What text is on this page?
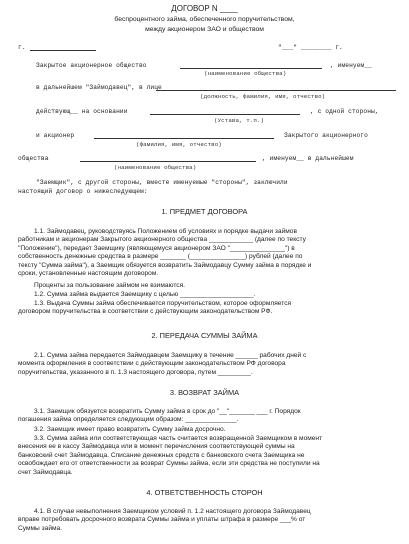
ДОГОВОР N ____
беспроцентного займа, обеспеченного поручительством,
между акционером ЗАО и обществом
г.	"___" ________ г.
Закрытое акционерное общество	, именуем__
(наименование общества)
в дальнейшем "Займодавец", в лице
(должность, фамилия, имя, отчество)
действующ__ на основании	, с одной стороны,
(Устава, т.п.)
и акционер	Закрытого акционерного
(фамилия, имя, отчество)
общества	, именуем__ в дальнейшем
(наименование общества)
"Заемщик", с другой стороны, вместе именуемые "стороны", заключили
настоящий договор о нижеследующем:
1. ПРЕДМЕТ ДОГОВОРА
1.1. Займодавец, руководствуясь Положением об условиях и порядке выдачи займов
работникам и акционерам Закрытого акционерного общества ____________ (далее по тексту
"Положение"), передает Заемщику (являющемуся акционером ЗАО "_______________") в
собственность денежные средства в размере _______ (_______________) рублей (далее по
тексту "Сумма займа"), а Заемщик обязуется возвратить Займодавцу Сумму займа в порядке и
сроки, установленные настоящим договором.
Проценты за пользование займом не взимаются.
1.2. Сумма займа выдается Заемщику с целью ____________________.
1.3. Выдача Суммы займа обеспечивается поручительством, которое оформляется
договором поручительства в соответствии с действующим законодательством РФ.
2. ПЕРЕДАЧА СУММЫ ЗАЙМА
2.1. Сумма займа передается Займодавцем Заемщику в течение ______ рабочих дней с
момента оформления в соответствии с действующим законодательством РФ договора
поручительства, указанного в п. 1.3 настоящего договора, путем _________.
3. ВОЗВРАТ ЗАЙМА
3.1. Заемщик обязуется возвратить Сумму займа в срок до "__"_______ ___ г. Порядок
погашения займа определяется следующим образом: ______________.
3.2. Заемщик имеет право возвратить Сумму займа досрочно.
3.3. Сумма займа или соответствующая часть считается возвращенной Заемщиком в момент
внесения ее в кассу Займодавца или в момент перечисления соответствующей суммы на
банковский счет Займодавца. Списание денежных средств с банковского счета Заемщика не
освобождает его от ответственности за возврат Суммы займа, если эти средства не поступили на
счет Займодавца.
4. ОТВЕТСТВЕННОСТЬ СТОРОН
4.1. В случае невыполнения Заемщиком условий п. 1.2 настоящего договора Займодавец
вправе потребовать досрочного возврата Суммы займа и уплаты штрафа в размере ___% от
Суммы займа.
